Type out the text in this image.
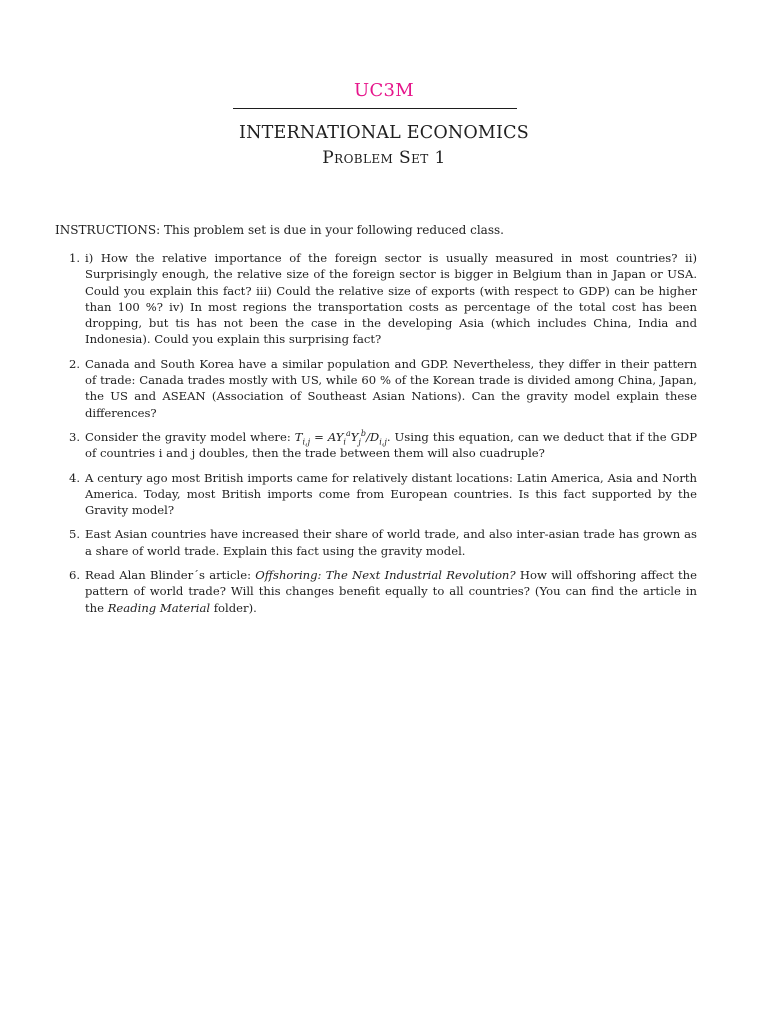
UC3M
INTERNATIONAL ECONOMICS
Problem Set 1
INSTRUCTIONS: This problem set is due in your following reduced class.
1. i) How the relative importance of the foreign sector is usually measured in most countries? ii) Surprisingly enough, the relative size of the foreign sector is bigger in Belgium than in Japan or USA. Could you explain this fact? iii) Could the relative size of exports (with respect to GDP) can be higher than 100 %? iv) In most regions the transportation costs as percentage of the total cost has been dropping, but tis has not been the case in the developing Asia (which includes China, India and Indonesia). Could you explain this surprising fact?
2. Canada and South Korea have a similar population and GDP. Nevertheless, they differ in their pattern of trade: Canada trades mostly with US, while 60 % of the Korean trade is divided among China, Japan, the US and ASEAN (Association of Southeast Asian Nations). Can the gravity model explain these differences?
3. Consider the gravity model where: $T_{i,j} = AY_i^aY_j^b/D_{i,j}$. Using this equation, can we deduct that if the GDP of countries i and j doubles, then the trade between them will also cuadruple?
4. A century ago most British imports came for relatively distant locations: Latin America, Asia and North America. Today, most British imports come from European countries. Is this fact supported by the Gravity model?
5. East Asian countries have increased their share of world trade, and also inter-asian trade has grown as a share of world trade. Explain this fact using the gravity model.
6. Read Alan Blinder´s article: Offshoring: The Next Industrial Revolution? How will offshoring affect the pattern of world trade? Will this changes benefit equally to all countries? (You can find the article in the Reading Material folder).
